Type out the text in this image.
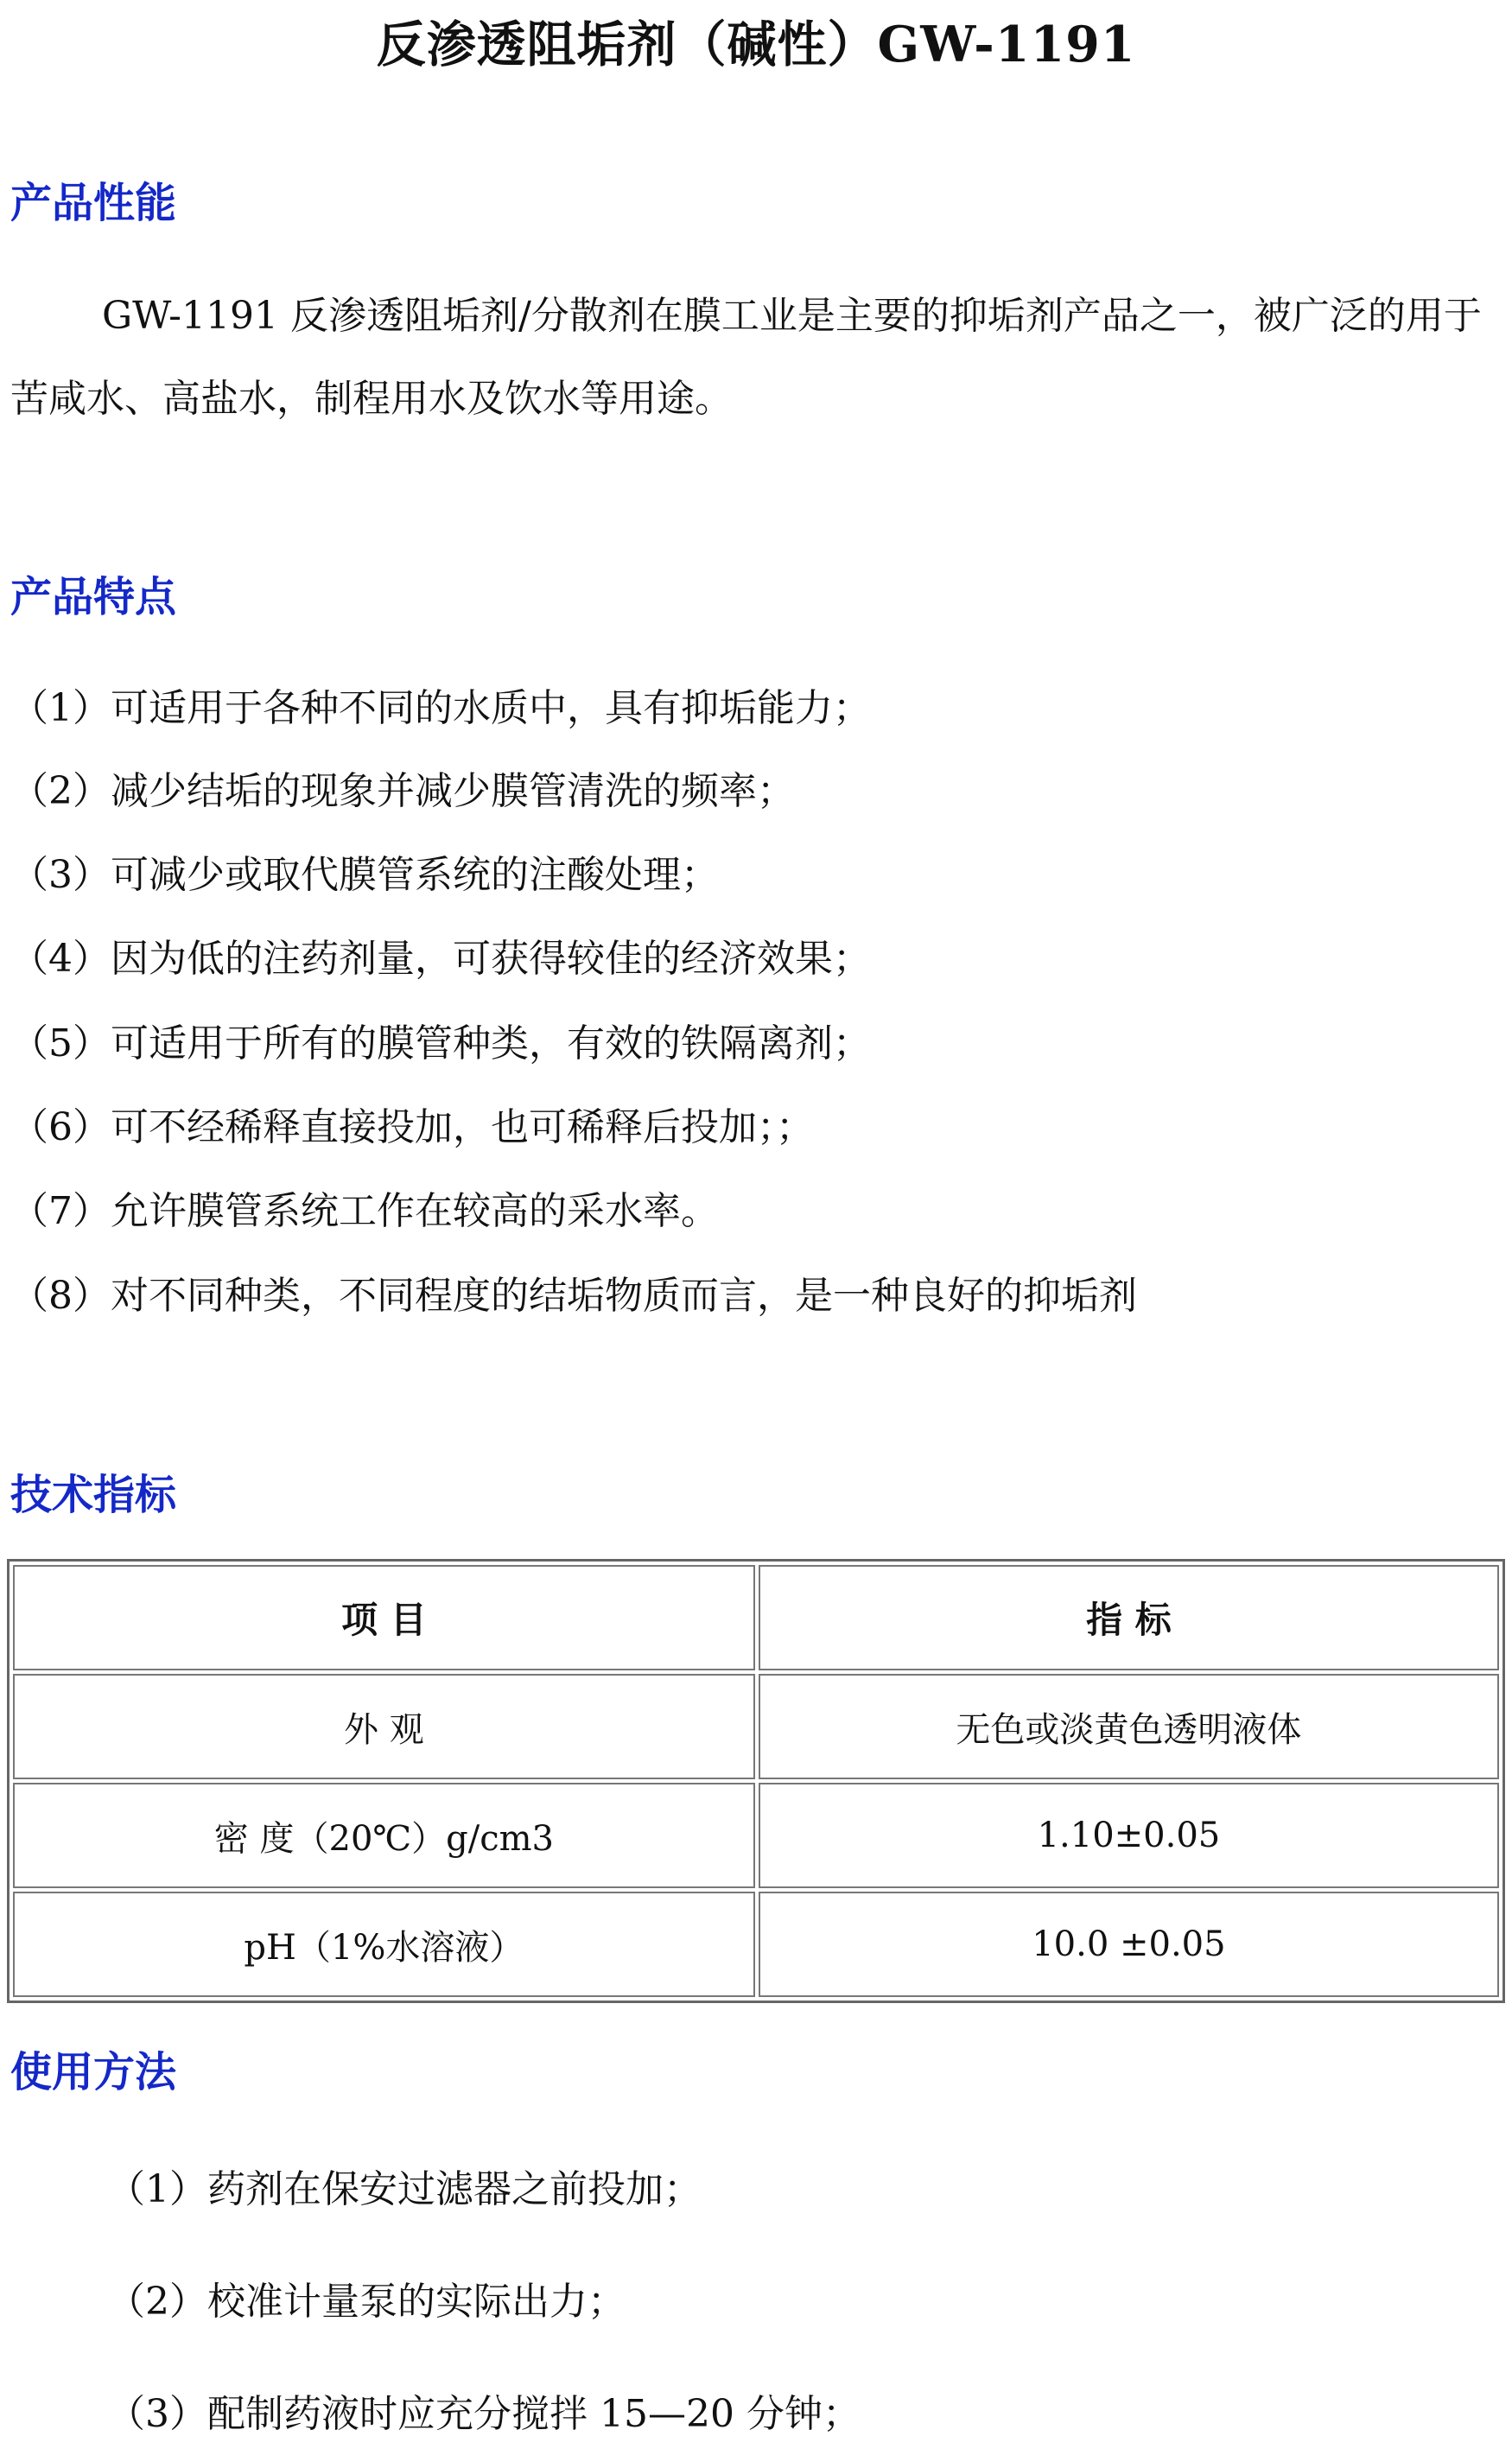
反渗透阻垢剂（碱性）GW-1191
产品性能
GW-1191 反渗透阻垢剂/分散剂在膜工业是主要的抑垢剂产品之一，被广泛的用于苦咸水、高盐水，制程用水及饮水等用途。
产品特点
（1）可适用于各种不同的水质中，具有抑垢能力；
（2）减少结垢的现象并减少膜管清洗的频率；
（3）可减少或取代膜管系统的注酸处理；
（4）因为低的注药剂量，可获得较佳的经济效果；
（5）可适用于所有的膜管种类，有效的铁隔离剂；
（6）可不经稀释直接投加，也可稀释后投加；；
（7）允许膜管系统工作在较高的采水率。
（8）对不同种类，不同程度的结垢物质而言，是一种良好的抑垢剂
技术指标
项 目	指 标
外 观	无色或淡黄色透明液体
密 度（20℃）g/cm3	1.10±0.05
pH（1%水溶液）	10.0 ±0.05
使用方法
（1）药剂在保安过滤器之前投加；
（2）校准计量泵的实际出力；
（3）配制药液时应充分搅拌 15—20 分钟；
